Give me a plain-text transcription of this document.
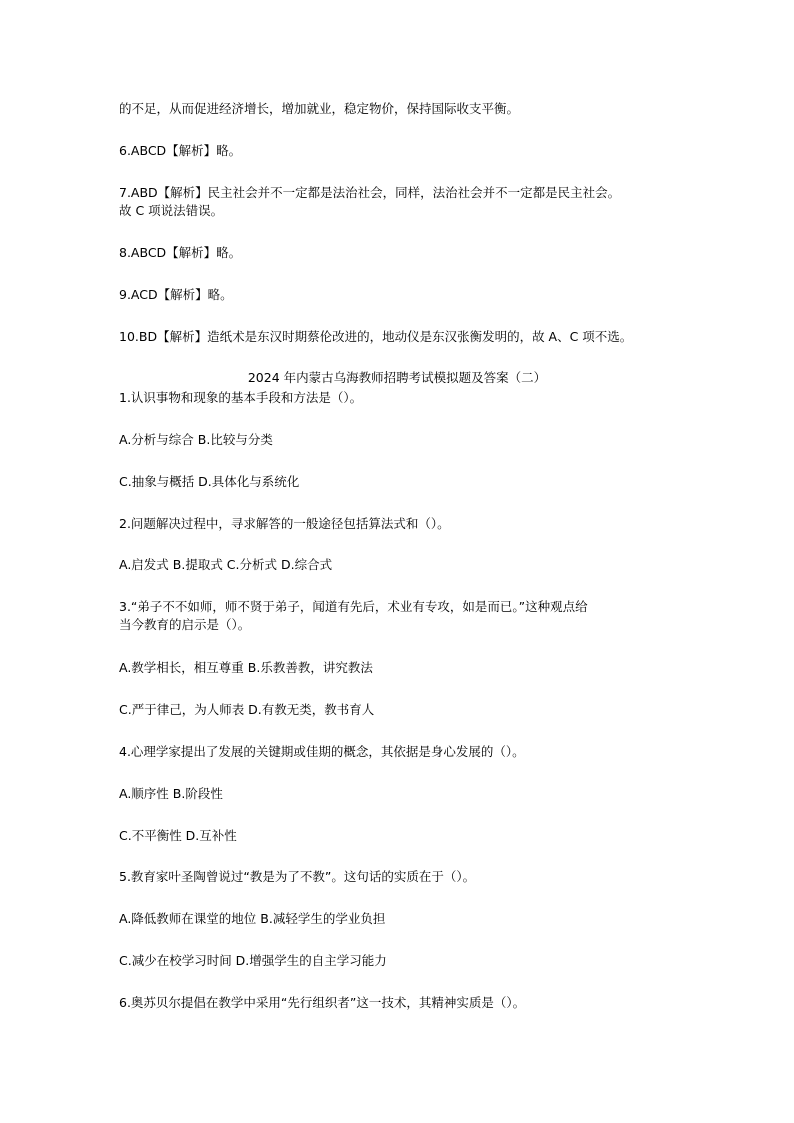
的不足，从而促进经济增长，增加就业，稳定物价，保持国际收支平衡。
6.ABCD【解析】略。
7.ABD【解析】民主社会并不一定都是法治社会，同样，法治社会并不一定都是民主社会。
故 C 项说法错误。
8.ABCD【解析】略。
9.ACD【解析】略。
10.BD【解析】造纸术是东汉时期蔡伦改进的，地动仪是东汉张衡发明的，故 A、C 项不选。
2024 年内蒙古乌海教师招聘考试模拟题及答案（二）
1.认识事物和现象的基本手段和方法是（）。
A.分析与综合 B.比较与分类
C.抽象与概括 D.具体化与系统化
2.问题解决过程中，寻求解答的一般途径包括算法式和（）。
A.启发式 B.提取式 C.分析式 D.综合式
3.“弟子不不如师，师不贤于弟子，闻道有先后，术业有专攻，如是而已。”这种观点给
当今教育的启示是（）。
A.教学相长，相互尊重 B.乐教善教，讲究教法
C.严于律己，为人师表 D.有教无类，教书育人
4.心理学家提出了发展的关键期或佳期的概念，其依据是身心发展的（）。
A.顺序性 B.阶段性
C.不平衡性 D.互补性
5.教育家叶圣陶曾说过“教是为了不教”。这句话的实质在于（）。
A.降低教师在课堂的地位 B.减轻学生的学业负担
C.减少在校学习时间 D.增强学生的自主学习能力
6.奥苏贝尔提倡在教学中采用“先行组织者”这一技术，其精神实质是（）。
